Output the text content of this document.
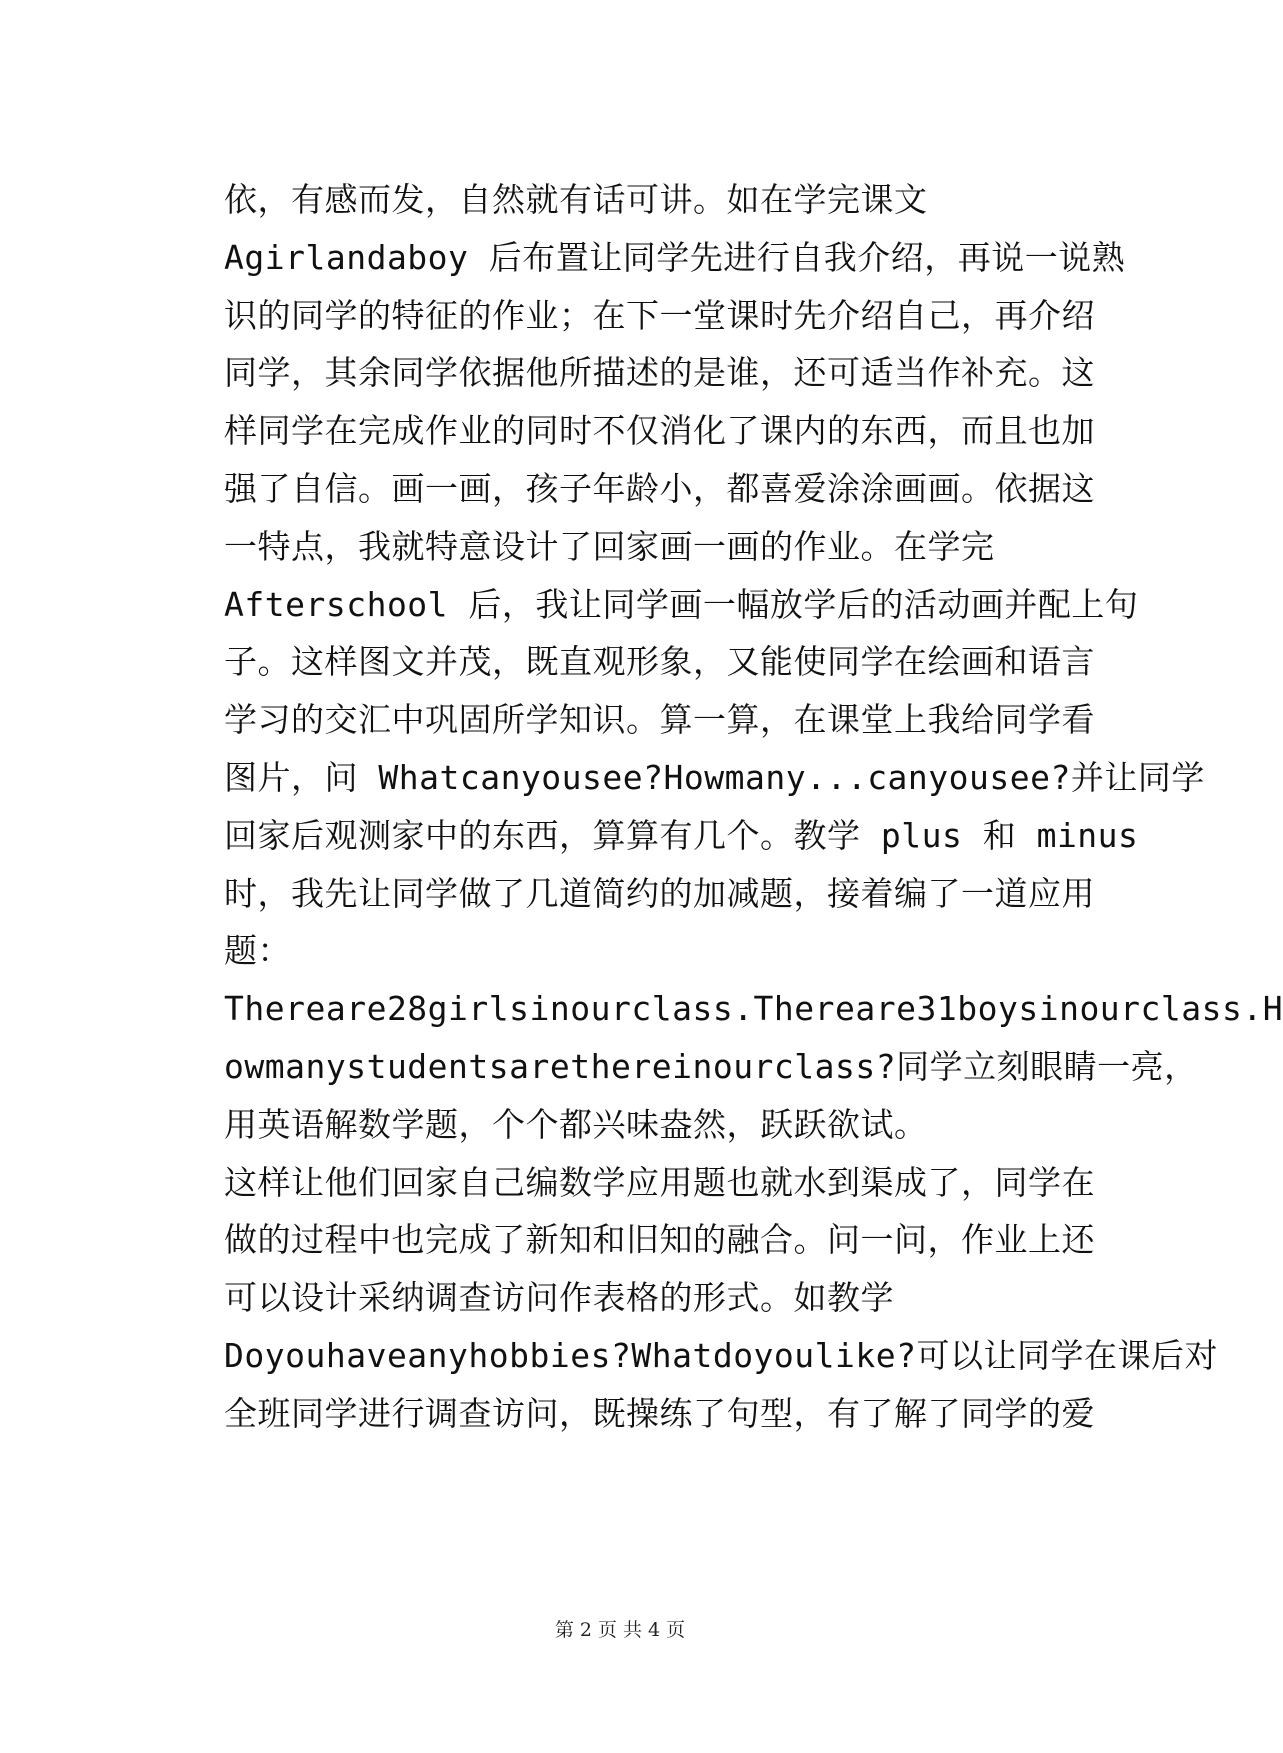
依，有感而发，自然就有话可讲。如在学完课文
Agirlandaboy 后布置让同学先进行自我介绍，再说一说熟
识的同学的特征的作业；在下一堂课时先介绍自己，再介绍
同学，其余同学依据他所描述的是谁，还可适当作补充。这
样同学在完成作业的同时不仅消化了课内的东西，而且也加
强了自信。画一画，孩子年龄小，都喜爱涂涂画画。依据这
一特点，我就特意设计了回家画一画的作业。在学完
Afterschool 后，我让同学画一幅放学后的活动画并配上句
子。这样图文并茂，既直观形象，又能使同学在绘画和语言
学习的交汇中巩固所学知识。算一算，在课堂上我给同学看
图片，问 Whatcanyousee?Howmany...canyousee?并让同学
回家后观测家中的东西，算算有几个。教学 plus 和 minus
时，我先让同学做了几道简约的加减题，接着编了一道应用
题：
Thereare28girlsinourclass.Thereare31boysinourclass.H
owmanystudentsarethereinourclass?同学立刻眼睛一亮，
用英语解数学题，个个都兴味盎然，跃跃欲试。
这样让他们回家自己编数学应用题也就水到渠成了，同学在
做的过程中也完成了新知和旧知的融合。问一问，作业上还
可以设计采纳调查访问作表格的形式。如教学
Doyouhaveanyhobbies?Whatdoyoulike?可以让同学在课后对
全班同学进行调查访问，既操练了句型，有了解了同学的爱
第 2 页 共 4 页
